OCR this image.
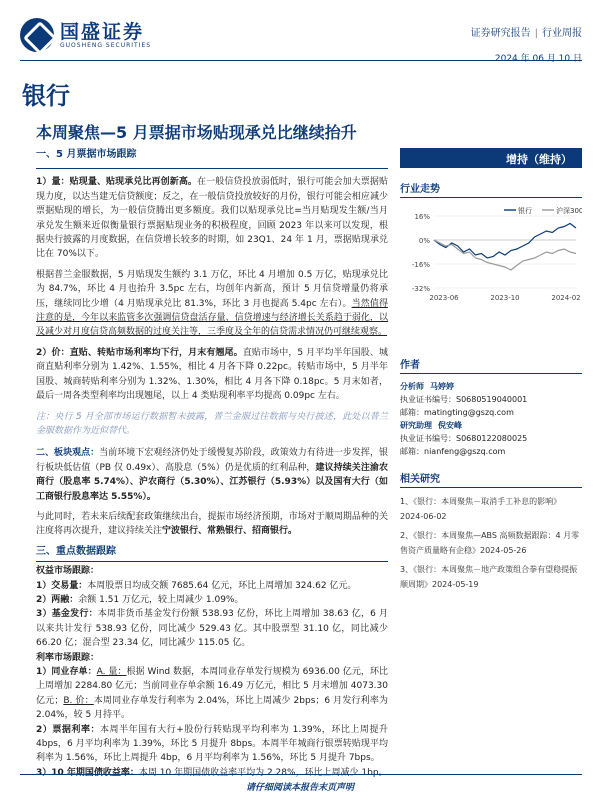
国盛证券
GUOSHENG SECURITIES
证券研究报告 | 行业周报
2024 年 06 月 10 日
银行
本周聚焦—5 月票据市场贴现承兑比继续抬升
一、5 月票据市场跟踪
1）量：贴现量、贴现承兑比再创新高。在一般信贷投放弱低时，银行可能会加大票据贴现力度，以达当建无信贷额度；反之，在一般信贷投放较好的月份，银行可能会相应减少票据贴现的增长，为一般信贷腾出更多额度。我们以贴现承兑比=当月贴现发生额/当月承兑发生额来近似衡量银行票据贴现业务的积极程度，回顾 2023 年以来可以发现，根据央行披露的月度数据，在信贷增长较多的时期，如 23Q1、24 年 1 月，票据贴现承兑比在 70%以下。
根据普兰金服数据，5 月贴现发生额约 3.1 万亿，环比 4 月增加 0.5 万亿，贴现承兑比为 84.7%，环比 4 月也抬升 3.5pc 左右，均创年内新高，预计 5 月信贷增量仍将承压，继续同比少增（4 月贴现承兑比 81.3%，环比 3 月也提高 5.4pc 左右）。当然值得注意的是，今年以来监管多次强调信贷盘活存量、信贷增速与经济增长关系趋于弱化，以及减少对月度信贷高频数据的过度关注等，三季度及全年的信贷需求情况仍可继续观察。
2）价：直贴、转贴市场利率均下行，月末有翘尾。直贴市场中，5 月平均半年国股、城商直贴利率分别为 1.42%、1.55%，相比 4 月各下降 0.22pc。转贴市场中，5 月半年国股、城商转贴利率分别为 1.32%、1.30%，相比 4 月各下降 0.18pc。5 月末如者，最后一周各类型利率均出现翘尾，以上 4 类贴现利率平均提高 0.09pc 左右。
注：央行 5 月全部市场运行数据暂未披露，普兰金服过往数据与央行披述，此处以普兰金服数据作为近似替代。
二、板块观点：当前环境下宏观经济仍处于缓慢复苏阶段，政策效力有待进一步发挥，银行板块低估值（PB 仅 0.49x）、高股息（5%）仍是优质的红利品种，建议持续关注渝农商行（股息率 5.74%）、沪农商行（5.30%）、江苏银行（5.93%）以及国有大行（如工商银行股息率达 5.55%）。
与此同时，若未来后续配套政策继续出台，提振市场经济预期，市场对于顺周期品种的关注度将再次提升，建议持续关注宁波银行、常熟银行、招商银行。
三、重点数据跟踪
权益市场跟踪：
1）交易量：本周股票日均成交额 7685.64 亿元，环比上周增加 324.62 亿元。
2）两融：余额 1.51 万亿元，较上周减少 1.09%。
3）基金发行：本周非货币基金发行份额 538.93 亿份，环比上周增加 38.63 亿，6 月以来共计发行 538.93 亿份，同比减少 529.43 亿。其中股票型 31.10 亿，同比减少 66.20 亿；混合型 23.34 亿，同比减少 115.05 亿。
利率市场跟踪：
1）同业存单：A. 量：根据 Wind 数据，本周同业存单发行规模为 6936.00 亿元，环比上周增加 2284.80 亿元；当前同业存单余额 16.49 万亿元，相比 5 月末增加 4073.30 亿元；B. 价：本周同业存单发行利率为 2.04%，环比上周减少 2bps；6 月发行利率为 2.04%，较 5 月持平。
2）票据利率：本周半年国有大行+股份行转贴现平均利率为 1.39%，环比上周提升 4bps，6 月平均利率为 1.39%，环比 5 月提升 8bps。本周半年城商行银票转贴现平均利率为 1.56%，环比上周提升 4bp，6 月平均利率为 1.56%，环比 5 月提升 7bps。
3）10 年期国债收益率：本周 10 年期国债收益率平均为 2.28%，环比上周减少 1bp。
增持（维持）
行业走势
16%
0%
-16%
-32%
2023-06	2023-10	2024-02
银行	沪深300
作者
分析师 马婷婷
执业证书编号：S0680519040001
邮箱：matingting@gszq.com
研究助理 倪安峰
执业证书编号：S0680122080025
邮箱：nianfeng@gszq.com
相关研究
1、《银行：本周聚焦－取消手工补息的影响》2024-06-02
2、《银行：本周聚焦—ABS 高频数据跟踪：4 月零售资产质量略有企稳》2024-05-26
3、《银行：本周聚焦－地产政策组合拳有望稳提振顺周期》2024-05-19
请仔细阅读本报告末页声明
